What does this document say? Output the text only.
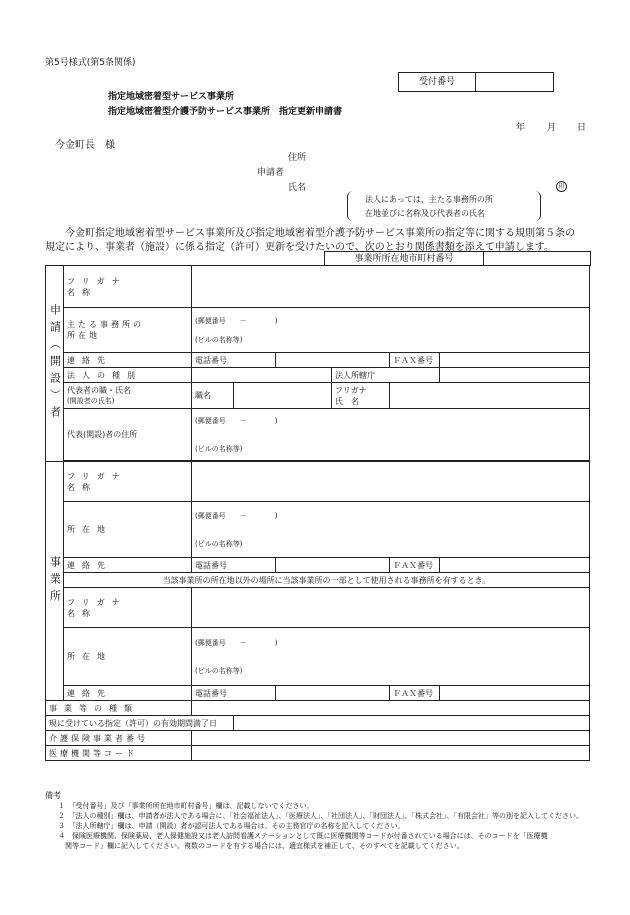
第5号様式(第5条関係)
受付番号
指定地域密着型サービス事業所
指定地域密着型介護予防サービス事業所　指定更新申請書
年 月 日
今金町長　様
住所
申請者
氏名	印
法人にあっては、主たる事務所の所
在地並びに名称及び代表者の氏名
今金町指定地域密着型サービス事業所及び指定地域密着型介護予防サービス事業所の指定等に関する規則第５条の
規定により、事業者（施設）に係る指定（許可）更新を受けたいので、次のとおり関係書類を添えて申請します。
事業所所在地市町村番号
申請（開設）者	フリガナ
名称						
	主たる事務所の
所在地	(郵便番号　　－　　　　)

(ビルの名称等)					
	連絡先	電話番号				ＦＡＸ番号	
	法人の種別				法人所轄庁		
	代表者の職・氏名
(開設者の氏名)	職名			フリガナ
氏　名		
	代表(開設)者の住所	(郵便番号　　－　　　　)

(ビルの名称等)					

事業所	フリガナ
名称						
	所在地	(郵便番号　　－　　　　)

(ビルの名称等)					
	連絡先	電話番号				ＦＡＸ番号	
	当該事業所の所在地以外の場所に当該事業所の一部として使用される事務所を有するとき。						
	フリガナ
名称						
	所在地	(郵便番号　　－　　　　)

(ビルの名称等)					
	連絡先	電話番号				ＦＡＸ番号	
事業等の種類							
現に受けている指定（許可）の有効期間満了日							
介護保険事業者番号							
医療機関等コード							
備考
１　「受付番号」及び「事業所所在地市町村番号」欄は、記載しないでください。
２　「法人の種別」欄は、申請者が法人である場合に、「社会福祉法人」、「医療法人」、「社団法人」、「財団法人」、「株式会社」、「有限会社」等の別を記入してください。
３　「法人所轄庁」欄は、申請（開設）者が認可法人である場合は、その主務官庁の名称を記入してください。
４　保険医療機関、保険薬局、老人保健施設又は老人訪問看護ステーションとして既に医療機関等コードが付番されている場合には、そのコードを「医療機
　関等コード」欄に記入してください。複数のコードを有する場合には、適宜様式を補正して、そのすべてを記載してください。
